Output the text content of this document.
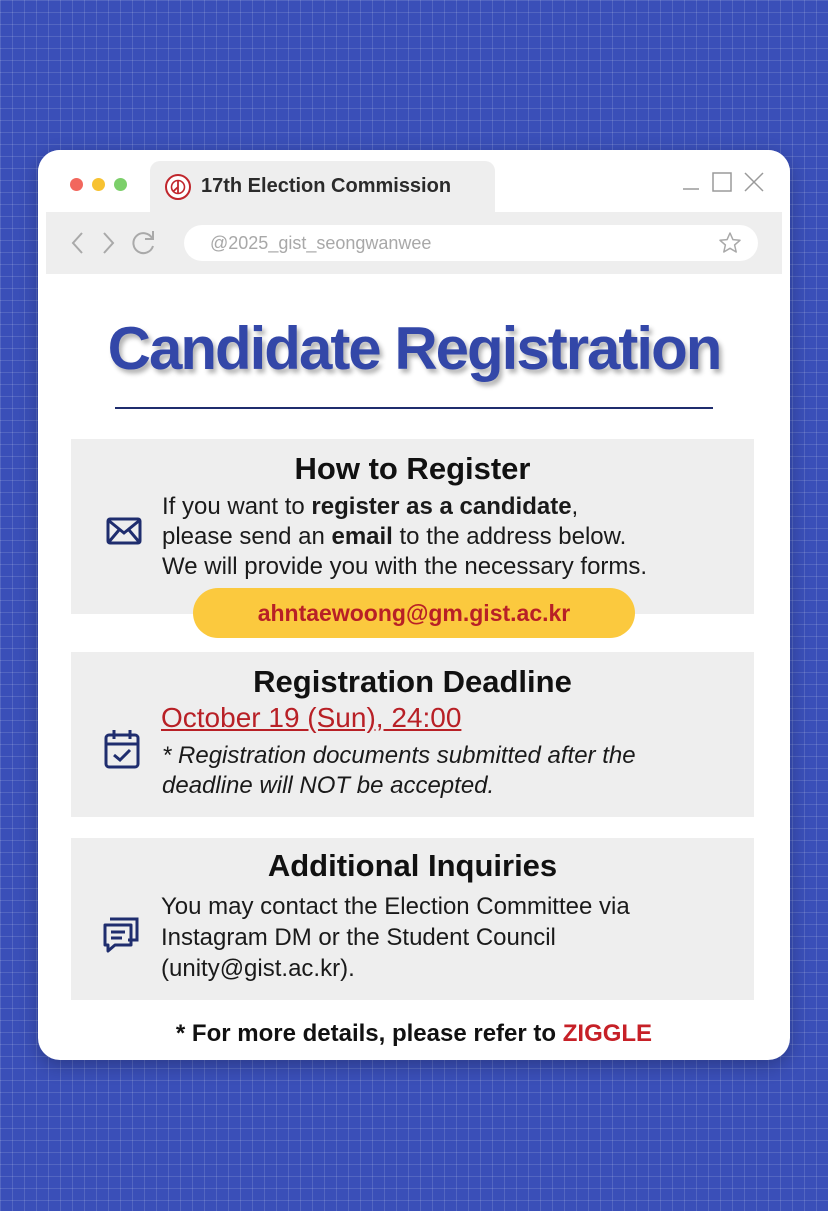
17th Election Commission

@2025_gist_seongwanwee

Candidate Registration
How to Register
If you want to register as a candidate,
please send an email to the address below.
We will provide you with the necessary forms.
ahntaewoong@gm.gist.ac.kr
Registration Deadline

October 19 (Sun), 24:00

* Registration documents submitted after the
deadline will NOT be accepted.
Additional Inquiries
You may contact the Election Committee via
Instagram DM or the Student Council
(unity@gist.ac.kr).

* For more details, please refer to ZIGGLE
